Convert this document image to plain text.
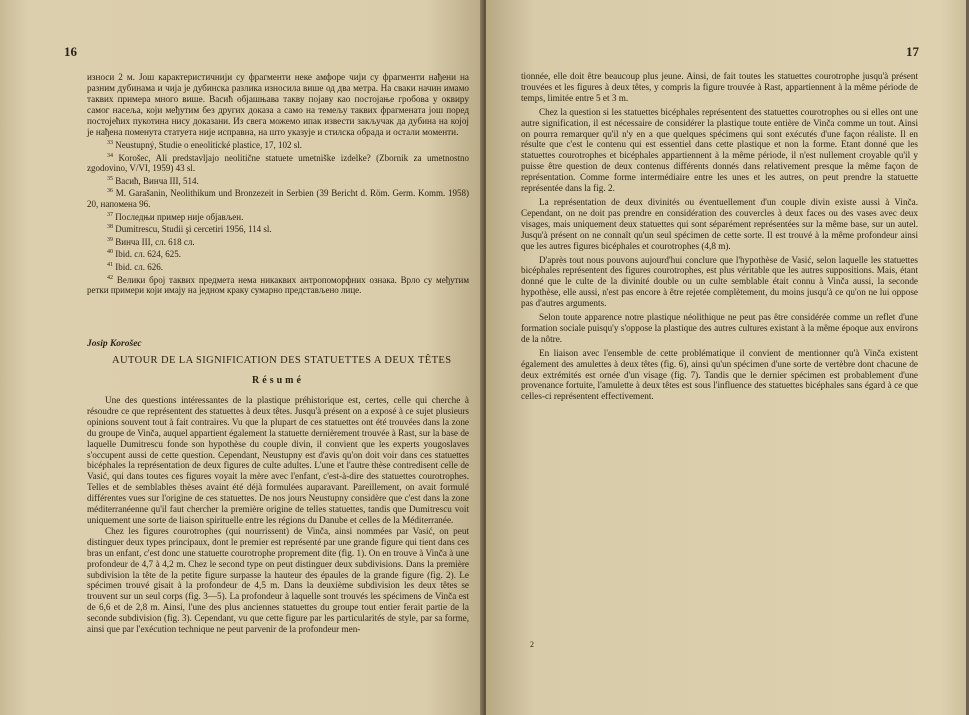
16
износи 2 м. Још карактеристичнији су фрагменти неке амфоре чији су фрагменти нађени на разним дубинама и чија је дубинска разлика износила више од два метра. На сваки начин имамо таквих примера много више. Васић објашњава такву појаву као постојање гробова у оквиру самог насеља, који међутим без других доказа а само на темељу таквих фрагмената још поред постојећих пукотина нису доказани. Из свега можемо ипак извести закључак да дубина на којој је нађена поменута статуета није исправна, на што указује и стилска обрада и остали моменти.

$^{33}$ Neustupný, Studie o eneolitické plastice, 17, 102 sl.

$^{34}$ Korošec, Ali predstavljajo neolitične statuete umetniške izdelke? (Zbornik za umetnostno zgodovino, V/VI, 1959) 43 sl.

$^{35}$ Васић, Винча III, 514.

$^{36}$ M. Garašanin, Neolithikum und Bronzezeit in Serbien (39 Bericht d. Röm. Germ. Komm. 1958) 20, напомена 96.

$^{37}$ Последњи пример није објављен.

$^{38}$ Dumitrescu, Studii şi cercetiri 1956, 114 sl.

$^{39}$ Винча III, сл. 618 сл.

$^{40}$ Ibid. сл. 624, 625.

$^{41}$ Ibid. сл. 626.

$^{42}$ Велики број таквих предмета нема никаквих антропоморфних ознака. Врло су међутим ретки примери који имају на једном краку сумарно представљено лице.

Josip Korošec
AUTOUR DE LA SIGNIFICATION DES STATUETTES A DEUX TÊTES
Résumé

Une des questions intéressantes de la plastique préhistorique est, certes, celle qui cherche à résoudre ce que représentent des statuettes à deux têtes. Jusqu'à présent on a exposé à ce sujet plusieurs opinions souvent tout à fait contraires. Vu que la plupart de ces statuettes ont été trouvées dans la zone du groupe de Vinča, auquel appartient également la statuette dernièrement trouvée à Rast, sur la base de laquelle Dumitrescu fonde son hypothèse du couple divin, il convient que les experts yougoslaves s'occupent aussi de cette question. Cependant, Neustupny est d'avis qu'on doit voir dans ces statuettes bicéphales la représentation de deux figures de culte adultes. L'une et l'autre thèse contredisent celle de Vasić, qui dans toutes ces figures voyait la mère avec l'enfant, c'est-à-dire des statuettes courotrophes. Telles et de semblables thèses avaint été déjà formulées auparavant. Pareillement, on avait formulé différentes vues sur l'origine de ces statuettes. De nos jours Neustupny considère que c'est dans la zone méditerranéenne qu'il faut chercher la première origine de telles statuettes, tandis que Dumitrescu voit uniquement une sorte de liaison spirituelle entre les régions du Danube et celles de la Méditerranée.

Chez les figures courotrophes (qui nourrissent) de Vinča, ainsi nommées par Vasić, on peut distinguer deux types principaux, dont le premier est représenté par une grande figure qui tient dans ces bras un enfant, c'est donc une statuette courotrophe proprement dite (fig. 1). On en trouve à Vinča à une profondeur de 4,7 à 4,2 m. Chez le second type on peut distinguer deux subdivisions. Dans la première subdivision la tête de la petite figure surpasse la hauteur des épaules de la grande figure (fig. 2). Le spécimen trouvé gisait à la profondeur de 4,5 m. Dans la deuxième subdivision les deux têtes se trouvent sur un seul corps (fig. 3—5). La profondeur à laquelle sont trouvés les spécimens de Vinča est de 6,6 et de 2,8 m. Ainsi, l'une des plus anciennes statuettes du groupe tout entier ferait partie de la seconde subdivision (fig. 3). Cependant, vu que cette figure par les particularités de style, par sa forme, ainsi que par l'exécution technique ne peut parvenir de la profondeur men-

17

tionnée, elle doit être beaucoup plus jeune. Ainsi, de fait toutes les statuettes courotrophe jusqu'à présent trouvées et les figures à deux têtes, y compris la figure trouvée à Rast, appartiennent à la même période de temps, limitée entre 5 et 3 m.

Chez la question si les statuettes bicéphales représentent des statuettes courotrophes ou si elles ont une autre signification, il est nécessaire de considérer la plastique toute entière de Vinča comme un tout. Ainsi on pourra remarquer qu'il n'y en a que quelques spécimens qui sont exécutés d'une façon réaliste. Il en résulte que c'est le contenu qui est essentiel dans cette plastique et non la forme. Etant donné que les statuettes courotrophes et bicéphales appartiennent à la même période, il n'est nullement croyable qu'il y puisse être question de deux contenus différents donnés dans relativement presque la même façon de représentation. Comme forme intermédiaire entre les unes et les autres, on peut prendre la statuette représentée dans la fig. 2.

La représentation de deux divinités ou éventuellement d'un couple divin existe aussi à Vinča. Cependant, on ne doit pas prendre en considération des couvercles à deux faces ou des vases avec deux visages, mais uniquement deux statuettes qui sont séparément représentées sur la même base, sur un autel. Jusqu'à présent on ne connaît qu'un seul spécimen de cette sorte. Il est trouvé à la même profondeur ainsi que les autres figures bicéphales et courotrophes (4,8 m).

D'après tout nous pouvons aujourd'hui conclure que l'hypothèse de Vasić, selon laquelle les statuettes bicéphales représentent des figures courotrophes, est plus véritable que les autres suppositions. Mais, étant donné que le culte de la divinité double ou un culte semblable était connu à Vinča aussi, la seconde hypothèse, elle aussi, n'est pas encore à être rejetée complètement, du moins jusqu'à ce qu'on ne lui oppose pas d'autres arguments.

Selon toute apparence notre plastique néolithique ne peut pas être considérée comme un reflet d'une formation sociale puisqu'y s'oppose la plastique des autres cultures existant à la même époque aux environs de la nôtre.

En liaison avec l'ensemble de cette problématique il convient de mentionner qu'à Vinča existent également des amulettes à deux têtes (fig. 6), ainsi qu'un spécimen d'une sorte de vertèbre dont chacune de deux extrémités est ornée d'un visage (fig. 7). Tandis que le dernier spécimen est probablement d'une provenance fortuite, l'amulette à deux têtes est sous l'influence des statuettes bicéphales sans égard à ce que celles-ci représentent effectivement.

2
